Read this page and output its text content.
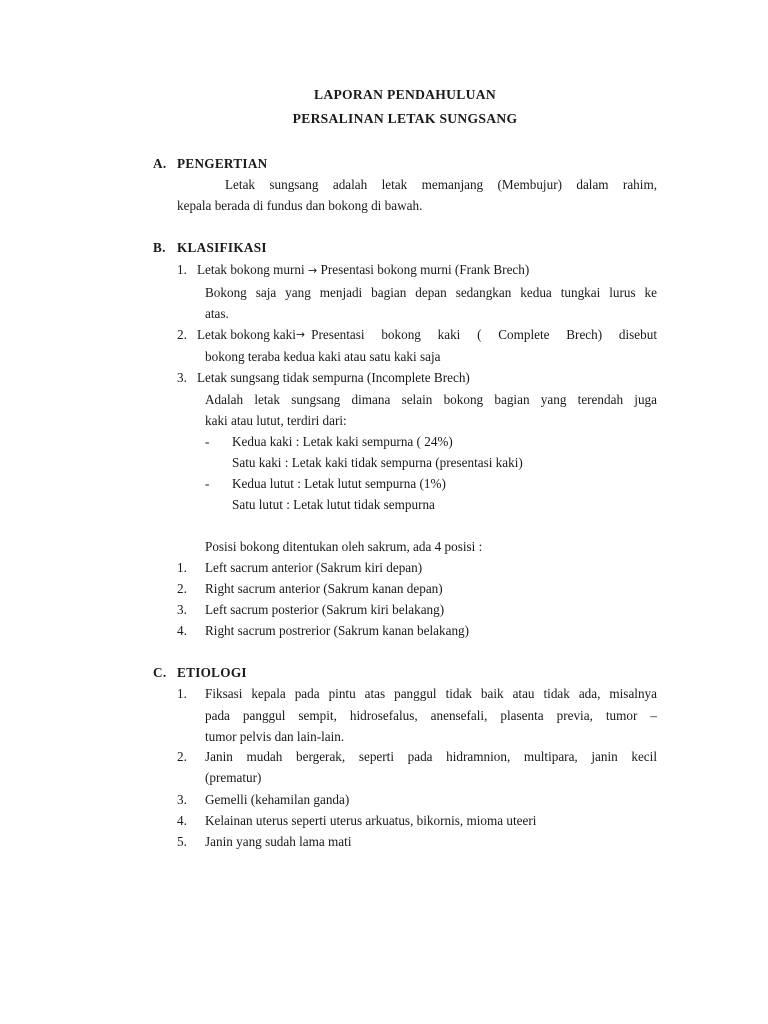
LAPORAN PENDAHULUAN
PERSALINAN LETAK SUNGSANG
A. PENGERTIAN
Letak sungsang adalah letak memanjang (Membujur) dalam rahim,
kepala berada di fundus dan bokong di bawah.
B. KLASIFIKASI
1. Letak bokong murni → Presentasi bokong murni (Frank Brech)
Bokong saja yang menjadi bagian depan sedangkan kedua tungkai lurus ke
atas.
2. Letak bokong kaki → Presentasi bokong kaki ( Complete Brech) disebut
bokong teraba kedua kaki atau satu kaki saja
3. Letak sungsang tidak sempurna (Incomplete Brech)
Adalah letak sungsang dimana selain bokong bagian yang terendah juga
kaki atau lutut, terdiri dari:
- Kedua kaki : Letak kaki sempurna ( 24%)
Satu kaki : Letak kaki tidak sempurna (presentasi kaki)
- Kedua lutut : Letak lutut sempurna (1%)
Satu lutut : Letak lutut tidak sempurna
Posisi bokong ditentukan oleh sakrum, ada 4 posisi :
1. Left sacrum anterior (Sakrum kiri depan)
2. Right sacrum anterior (Sakrum kanan depan)
3. Left sacrum posterior (Sakrum kiri belakang)
4. Right sacrum postrerior (Sakrum kanan belakang)
C. ETIOLOGI
1. Fiksasi kepala pada pintu atas panggul tidak baik atau tidak ada, misalnya
pada panggul sempit, hidrosefalus, anensefali, plasenta previa, tumor –
tumor pelvis dan lain-lain.
2. Janin mudah bergerak, seperti pada hidramnion, multipara, janin kecil
(prematur)
3. Gemelli (kehamilan ganda)
4. Kelainan uterus seperti uterus arkuatus, bikornis, mioma uteeri
5. Janin yang sudah lama mati
